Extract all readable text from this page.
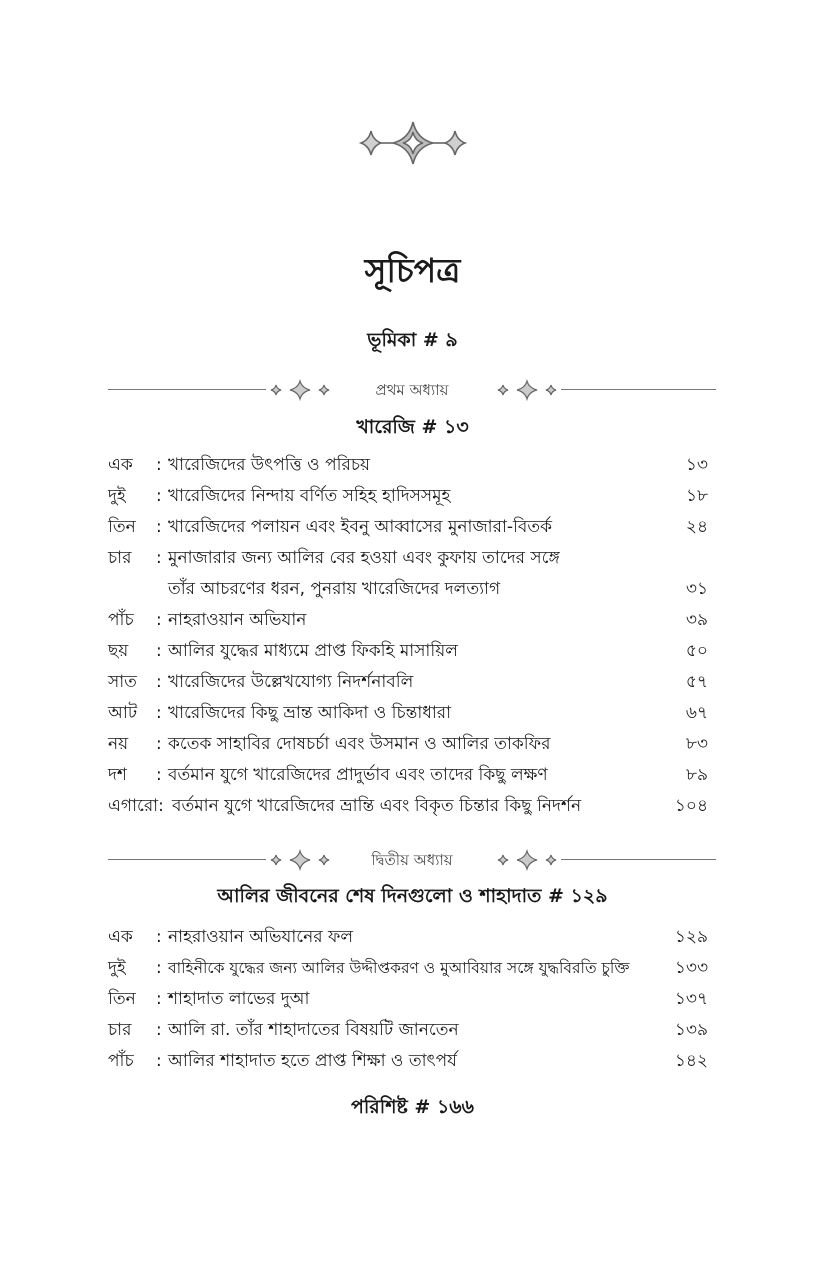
সূচিপত্র
ভূমিকা # ৯
প্রথম অধ্যায়
খারেজি # ১৩
এক : খারেজিদের উৎপত্তি ও পরিচয়	১৩
দুই : খারেজিদের নিন্দায় বর্ণিত সহিহ হাদিসসমূহ	১৮
তিন : খারেজিদের পলায়ন এবং ইবনু আব্বাসের মুনাজারা-বিতর্ক	২৪
চার : মুনাজারার জন্য আলির বের হওয়া এবং কুফায় তাদের সঙ্গে
তাঁর আচরণের ধরন, পুনরায় খারেজিদের দলত্যাগ	৩১
পাঁচ : নাহরাওয়ান অভিযান	৩৯
ছয় : আলির যুদ্ধের মাধ্যমে প্রাপ্ত ফিকহি মাসায়িল	৫০
সাত : খারেজিদের উল্লেখযোগ্য নিদর্শনাবলি	৫৭
আট : খারেজিদের কিছু ভ্রান্ত আকিদা ও চিন্তাধারা	৬৭
নয় : কতেক সাহাবির দোষচর্চা এবং উসমান ও আলির তাকফির	৮৩
দশ : বর্তমান যুগে খারেজিদের প্রাদুর্ভাব এবং তাদের কিছু লক্ষণ	৮৯
এগারো: বর্তমান যুগে খারেজিদের ভ্রান্তি এবং বিকৃত চিন্তার কিছু নিদর্শন	১০৪
দ্বিতীয় অধ্যায়
আলির জীবনের শেষ দিনগুলো ও শাহাদাত # ১২৯
এক : নাহরাওয়ান অভিযানের ফল	১২৯
দুই : বাহিনীকে যুদ্ধের জন্য আলির উদ্দীপ্তকরণ ও মুআবিয়ার সঙ্গে যুদ্ধবিরতি চুক্তি	১৩৩
তিন : শাহাদাত লাভের দুআ	১৩৭
চার : আলি রা. তাঁর শাহাদাতের বিষয়টি জানতেন	১৩৯
পাঁচ : আলির শাহাদাত হতে প্রাপ্ত শিক্ষা ও তাৎপর্য	১৪২
পরিশিষ্ট # ১৬৬
